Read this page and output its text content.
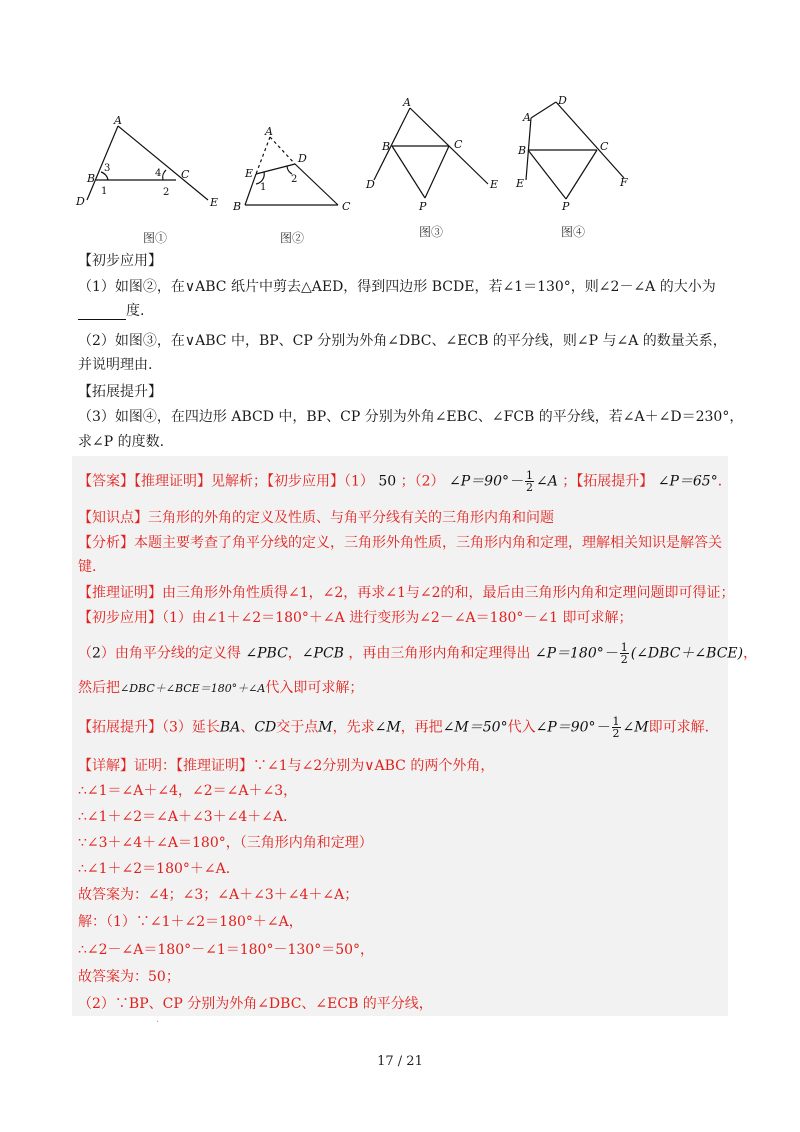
A
B	C
D	E
3
1
4
2
A
D
E
B	C
1
2
A
B	C
D	E
P
A
D
B	C
E	F
P
图①	图②	图③	图④
【初步应用】
（1）如图②，在∨ABC 纸片中剪去△AED，得到四边形 BCDE，若∠1＝130°，则∠2－∠A 的大小为
度.
（2）如图③，在∨ABC 中，BP、CP 分别为外角∠DBC、∠ECB 的平分线，则∠P 与∠A 的数量关系，
并说明理由.
【拓展提升】
（3）如图④，在四边形 ABCD 中，BP、CP 分别为外角∠EBC、∠FCB 的平分线，若∠A＋∠D＝230°，
求∠P 的度数.
【答案】【推理证明】见解析；【初步应用】（1） 50 ；（2） ∠P＝90°－ $\frac{1}{2}$ ∠A ；【拓展提升】 ∠P＝65°．
【知识点】三角形的外角的定义及性质、与角平分线有关的三角形内角和问题
【分析】本题主要考查了角平分线的定义，三角形外角性质，三角形内角和定理，理解相关知识是解答关
键.
【推理证明】由三角形外角性质得∠1，∠2，再求∠1与∠2的和，最后由三角形内角和定理问题即可得证；
【初步应用】（1）由∠1＋∠2＝180°＋∠A 进行变形为∠2－∠A＝180°－∠1 即可求解；
（2）由角平分线的定义得 ∠PBC，∠PCB ，再由三角形内角和定理得出 ∠P＝180°－ $\frac{1}{2}$ (∠DBC＋∠BCE)，
然后把∠DBC＋∠BCE＝180°＋∠A代入即可求解；
【拓展提升】（3）延长BA、CD交于点M，先求∠M，再把∠M＝50°代入∠P＝90°－ $\frac{1}{2}$ ∠M即可求解.
【详解】证明：【推理证明】∵∠1与∠2分别为∨ABC 的两个外角，
∴∠1＝∠A＋∠4，∠2＝∠A＋∠3，
∴∠1＋∠2＝∠A＋∠3＋∠4＋∠A．
∵∠3＋∠4＋∠A＝180°，（三角形内角和定理）
∴∠1＋∠2＝180°＋∠A．
故答案为：∠4；∠3；∠A＋∠3＋∠4＋∠A；
解：（1）∵∠1＋∠2＝180°＋∠A，
∴∠2－∠A＝180°－∠1＝180°－130°＝50°，
故答案为：50；
（2）∵BP、CP 分别为外角∠DBC、∠ECB 的平分线，
.
17 / 21
